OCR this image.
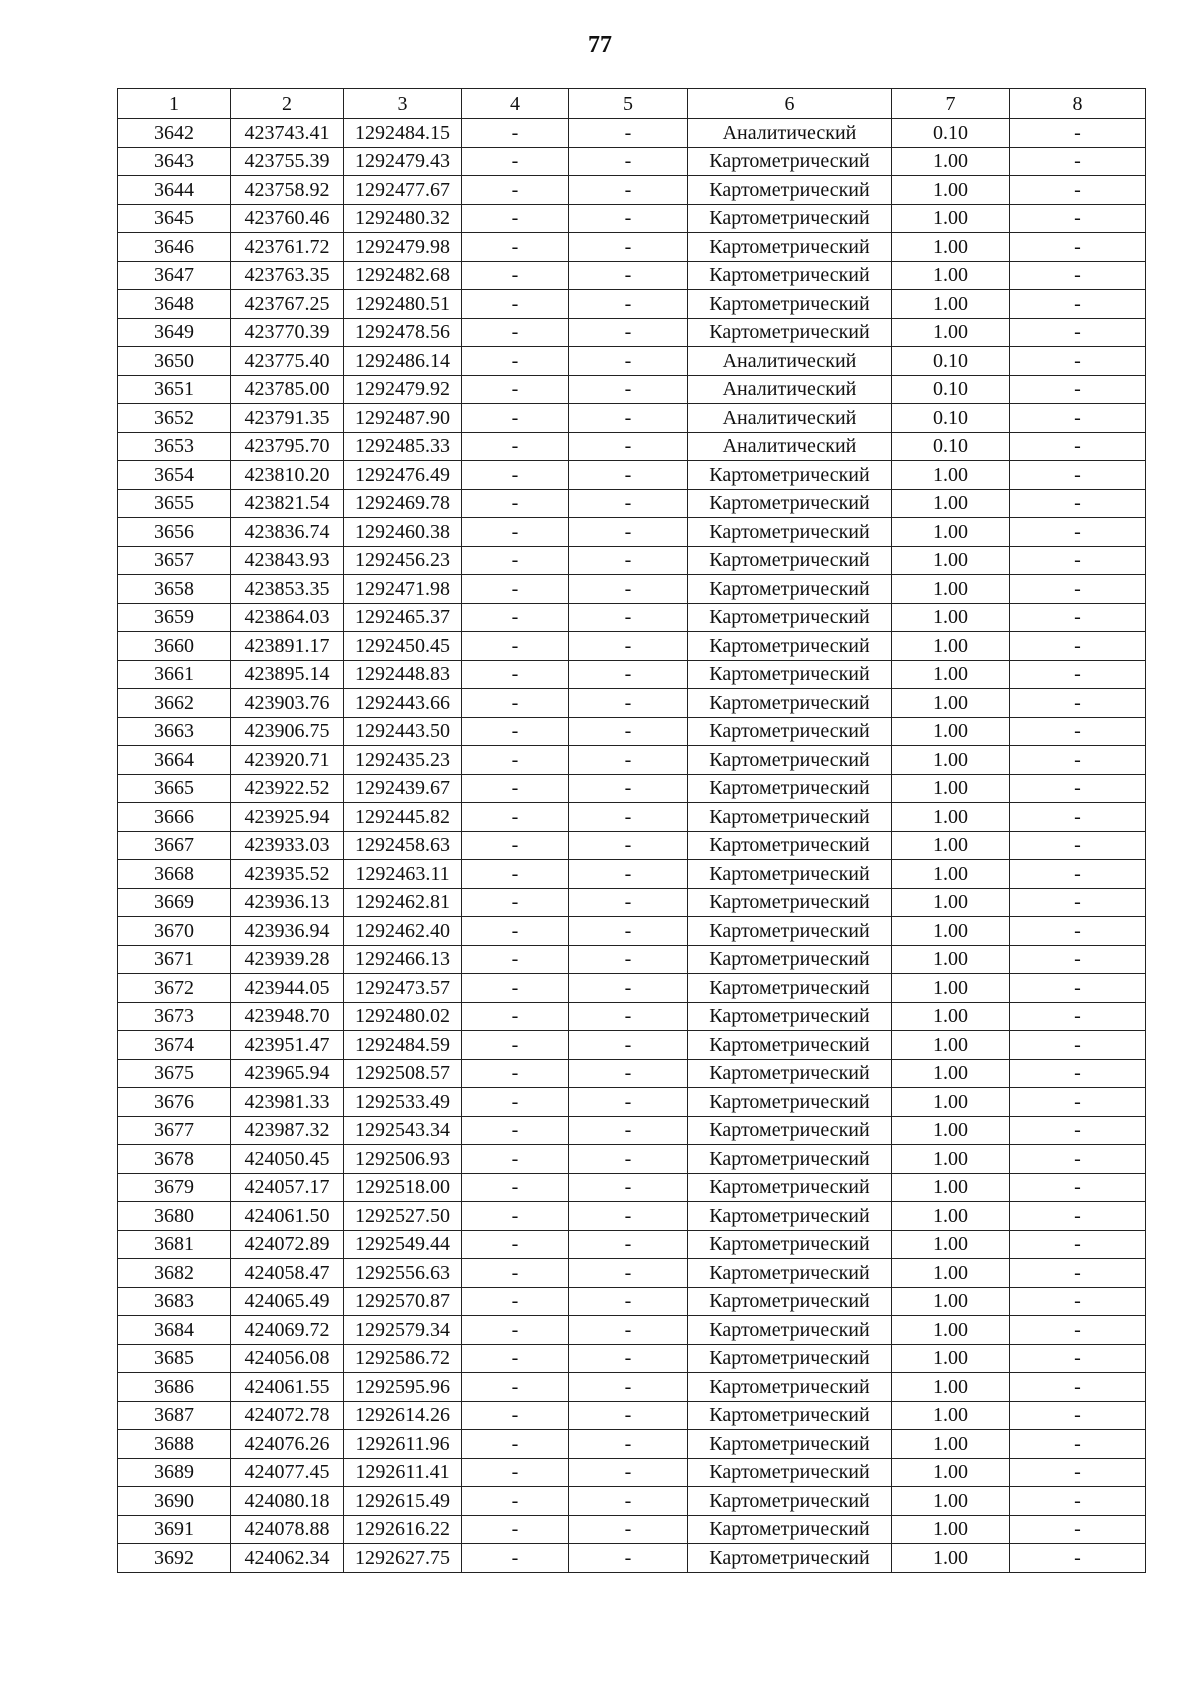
77
1	2	3	4	5	6	7	8
3642	423743.41	1292484.15	-	-	Аналитический	0.10	-
3643	423755.39	1292479.43	-	-	Картометрический	1.00	-
3644	423758.92	1292477.67	-	-	Картометрический	1.00	-
3645	423760.46	1292480.32	-	-	Картометрический	1.00	-
3646	423761.72	1292479.98	-	-	Картометрический	1.00	-
3647	423763.35	1292482.68	-	-	Картометрический	1.00	-
3648	423767.25	1292480.51	-	-	Картометрический	1.00	-
3649	423770.39	1292478.56	-	-	Картометрический	1.00	-
3650	423775.40	1292486.14	-	-	Аналитический	0.10	-
3651	423785.00	1292479.92	-	-	Аналитический	0.10	-
3652	423791.35	1292487.90	-	-	Аналитический	0.10	-
3653	423795.70	1292485.33	-	-	Аналитический	0.10	-
3654	423810.20	1292476.49	-	-	Картометрический	1.00	-
3655	423821.54	1292469.78	-	-	Картометрический	1.00	-
3656	423836.74	1292460.38	-	-	Картометрический	1.00	-
3657	423843.93	1292456.23	-	-	Картометрический	1.00	-
3658	423853.35	1292471.98	-	-	Картометрический	1.00	-
3659	423864.03	1292465.37	-	-	Картометрический	1.00	-
3660	423891.17	1292450.45	-	-	Картометрический	1.00	-
3661	423895.14	1292448.83	-	-	Картометрический	1.00	-
3662	423903.76	1292443.66	-	-	Картометрический	1.00	-
3663	423906.75	1292443.50	-	-	Картометрический	1.00	-
3664	423920.71	1292435.23	-	-	Картометрический	1.00	-
3665	423922.52	1292439.67	-	-	Картометрический	1.00	-
3666	423925.94	1292445.82	-	-	Картометрический	1.00	-
3667	423933.03	1292458.63	-	-	Картометрический	1.00	-
3668	423935.52	1292463.11	-	-	Картометрический	1.00	-
3669	423936.13	1292462.81	-	-	Картометрический	1.00	-
3670	423936.94	1292462.40	-	-	Картометрический	1.00	-
3671	423939.28	1292466.13	-	-	Картометрический	1.00	-
3672	423944.05	1292473.57	-	-	Картометрический	1.00	-
3673	423948.70	1292480.02	-	-	Картометрический	1.00	-
3674	423951.47	1292484.59	-	-	Картометрический	1.00	-
3675	423965.94	1292508.57	-	-	Картометрический	1.00	-
3676	423981.33	1292533.49	-	-	Картометрический	1.00	-
3677	423987.32	1292543.34	-	-	Картометрический	1.00	-
3678	424050.45	1292506.93	-	-	Картометрический	1.00	-
3679	424057.17	1292518.00	-	-	Картометрический	1.00	-
3680	424061.50	1292527.50	-	-	Картометрический	1.00	-
3681	424072.89	1292549.44	-	-	Картометрический	1.00	-
3682	424058.47	1292556.63	-	-	Картометрический	1.00	-
3683	424065.49	1292570.87	-	-	Картометрический	1.00	-
3684	424069.72	1292579.34	-	-	Картометрический	1.00	-
3685	424056.08	1292586.72	-	-	Картометрический	1.00	-
3686	424061.55	1292595.96	-	-	Картометрический	1.00	-
3687	424072.78	1292614.26	-	-	Картометрический	1.00	-
3688	424076.26	1292611.96	-	-	Картометрический	1.00	-
3689	424077.45	1292611.41	-	-	Картометрический	1.00	-
3690	424080.18	1292615.49	-	-	Картометрический	1.00	-
3691	424078.88	1292616.22	-	-	Картометрический	1.00	-
3692	424062.34	1292627.75	-	-	Картометрический	1.00	-
